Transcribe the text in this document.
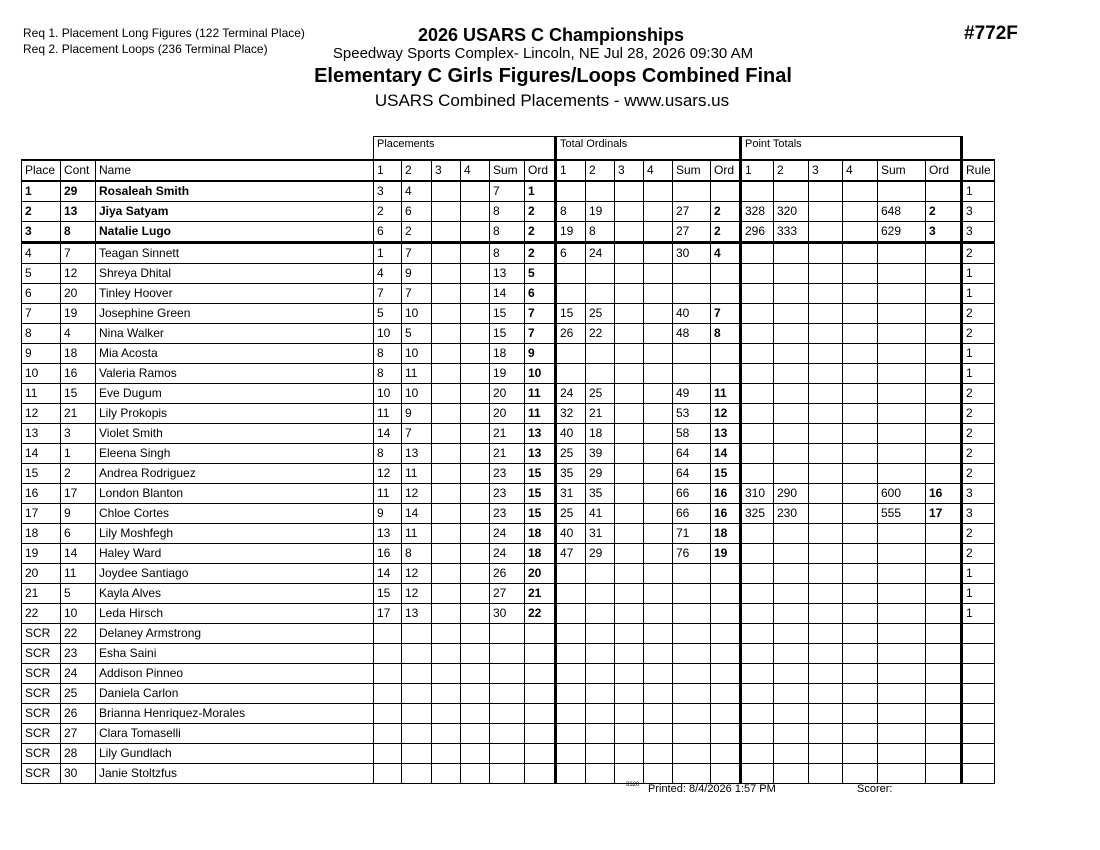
Req 1. Placement Long Figures (122 Terminal Place)
Req 2. Placement Loops (236 Terminal Place)
#772F
2026 USARS C Championships
Speedway Sports Complex- Lincoln, NE Jul 28, 2026 09:30 AM
Elementary C Girls Figures/Loops Combined Final
USARS Combined Placements - www.usars.us
			Placements						Total Ordinals						Point Totals						
Place	Cont	Name	1	2	3	4	Sum	Ord	1	2	3	4	Sum	Ord	1	2	3	4	Sum	Ord	Rule
1	29	Rosaleah Smith	3	4			7	1													1
2	13	Jiya Satyam	2	6			8	2	8	19			27	2	328	320			648	2	3
3	8	Natalie Lugo	6	2			8	2	19	8			27	2	296	333			629	3	3
4	7	Teagan Sinnett	1	7			8	2	6	24			30	4							2
5	12	Shreya Dhital	4	9			13	5													1
6	20	Tinley Hoover	7	7			14	6													1
7	19	Josephine Green	5	10			15	7	15	25			40	7							2
8	4	Nina Walker	10	5			15	7	26	22			48	8							2
9	18	Mia Acosta	8	10			18	9													1
10	16	Valeria Ramos	8	11			19	10													1
11	15	Eve Dugum	10	10			20	11	24	25			49	11							2
12	21	Lily Prokopis	11	9			20	11	32	21			53	12							2
13	3	Violet Smith	14	7			21	13	40	18			58	13							2
14	1	Eleena Singh	8	13			21	13	25	39			64	14							2
15	2	Andrea Rodriguez	12	11			23	15	35	29			64	15							2
16	17	London Blanton	11	12			23	15	31	35			66	16	310	290			600	16	3
17	9	Chloe Cortes	9	14			23	15	25	41			66	16	325	230			555	17	3
18	6	Lily Moshfegh	13	11			24	18	40	31			71	18							2
19	14	Haley Ward	16	8			24	18	47	29			76	19							2
20	11	Joydee Santiago	14	12			26	20													1
21	5	Kayla Alves	15	12			27	21													1
22	10	Leda Hirsch	17	13			30	22													1
SCR	22	Delaney Armstrong																			
SCR	23	Esha Saini																			
SCR	24	Addison Pinneo																			
SCR	25	Daniela Carlon																			
SCR	26	Brianna Henriquez-Morales																			
SCR	27	Clara Tomaselli																			
SCR	28	Lily Gundlach																			
SCR	30	Janie Stoltzfus																			
3320 Printed: 8/4/2026 1:57 PM	Scorer:
